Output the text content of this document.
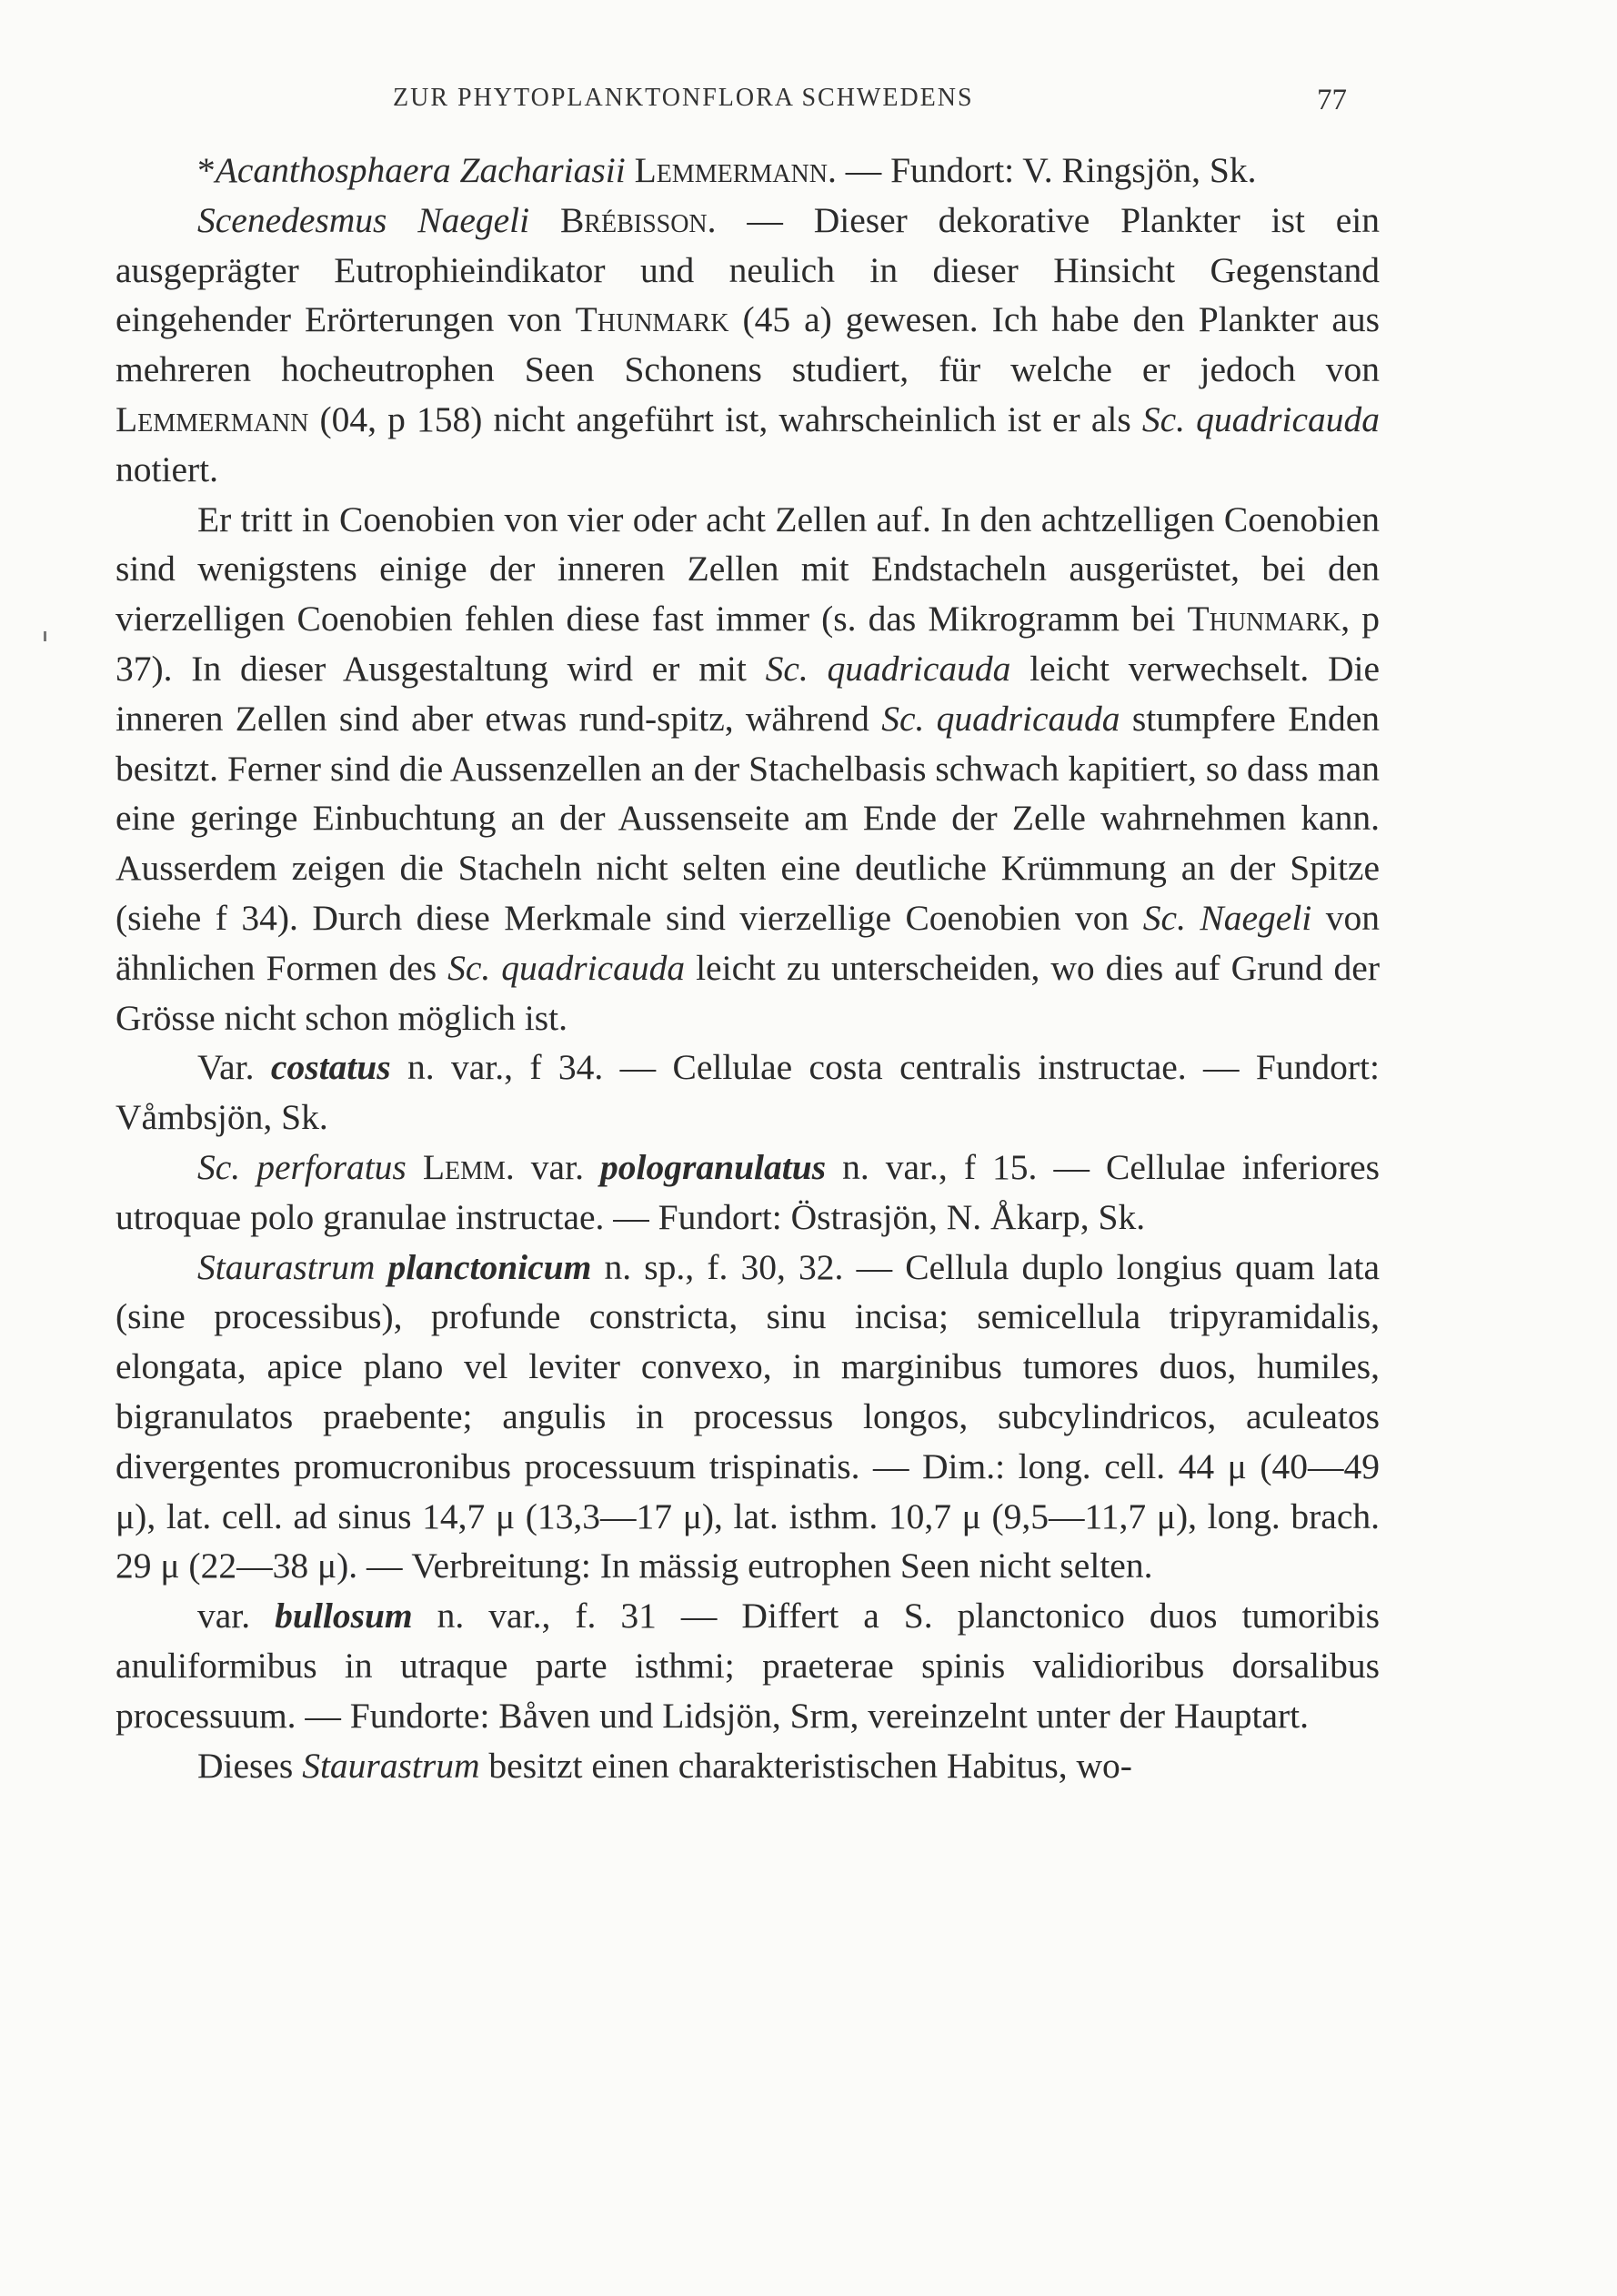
ZUR PHYTOPLANKTONFLORA SCHWEDENS	77

*Acanthosphaera Zachariasii Lemmermann. — Fundort: V. Ringsjön, Sk.

Scenedesmus Naegeli Brébisson. — Dieser dekorative Plankter ist ein ausgeprägter Eutrophieindikator und neulich in dieser Hinsicht Gegenstand eingehender Erörterungen von Thunmark (45 a) gewesen. Ich habe den Plankter aus mehreren hocheutrophen Seen Schonens studiert, für welche er jedoch von Lemmermann (04, p 158) nicht angeführt ist, wahrscheinlich ist er als Sc. quadricauda notiert.

Er tritt in Coenobien von vier oder acht Zellen auf. In den achtzelligen Coenobien sind wenigstens einige der inneren Zellen mit Endstacheln ausgerüstet, bei den vierzelligen Coenobien fehlen diese fast immer (s. das Mikrogramm bei Thunmark, p 37). In dieser Ausgestaltung wird er mit Sc. quadricauda leicht verwechselt. Die inneren Zellen sind aber etwas rund-spitz, während Sc. quadricauda stumpfere Enden besitzt. Ferner sind die Aussenzellen an der Stachelbasis schwach kapitiert, so dass man eine geringe Einbuchtung an der Aussenseite am Ende der Zelle wahrnehmen kann. Ausserdem zeigen die Stacheln nicht selten eine deutliche Krümmung an der Spitze (siehe f 34). Durch diese Merkmale sind vierzellige Coenobien von Sc. Naegeli von ähnlichen Formen des Sc. quadricauda leicht zu unterscheiden, wo dies auf Grund der Grösse nicht schon möglich ist.

Var. costatus n. var., f 34. — Cellulae costa centralis instructae. — Fundort: Våmbsjön, Sk.

Sc. perforatus Lemm. var. pologranulatus n. var., f 15. — Cellulae inferiores utroquae polo granulae instructae. — Fundort: Östrasjön, N. Åkarp, Sk.

Staurastrum planctonicum n. sp., f. 30, 32. — Cellula duplo longius quam lata (sine processibus), profunde constricta, sinu incisa; semicellula tripyramidalis, elongata, apice plano vel leviter convexo, in marginibus tumores duos, humiles, bigranulatos praebente; angulis in processus longos, subcylindricos, aculeatos divergentes promucronibus processuum trispinatis. — Dim.: long. cell. 44 μ (40—49 μ), lat. cell. ad sinus 14,7 μ (13,3—17 μ), lat. isthm. 10,7 μ (9,5—11,7 μ), long. brach. 29 μ (22—38 μ). — Verbreitung: In mässig eutrophen Seen nicht selten.

var. bullosum n. var., f. 31 — Differt a S. planctonico duos tumoribis anuliformibus in utraque parte isthmi; praeterae spinis validioribus dorsalibus processuum. — Fundorte: Båven und Lidsjön, Srm, vereinzelnt unter der Hauptart.

Dieses Staurastrum besitzt einen charakteristischen Habitus, wo-
